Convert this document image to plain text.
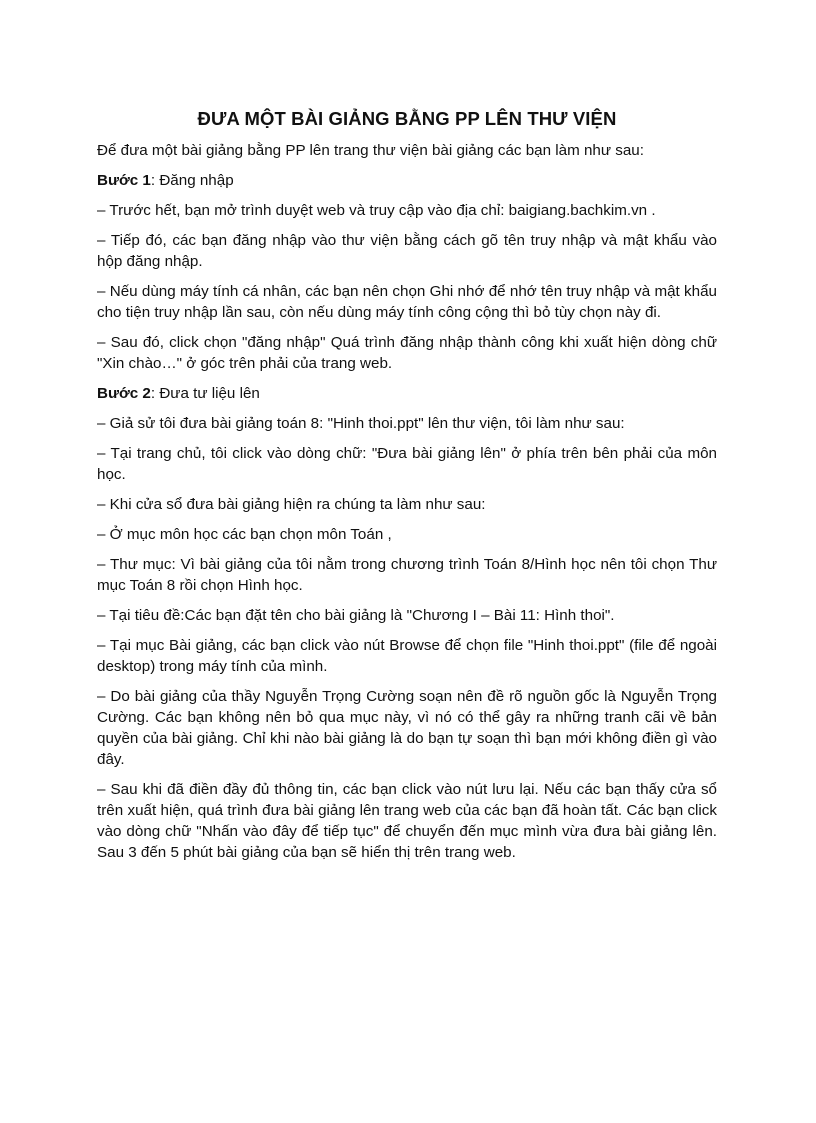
ĐƯA MỘT BÀI GIẢNG BẰNG PP LÊN THƯ VIỆN

Để đưa một bài giảng bằng PP lên trang thư viện bài giảng các bạn làm như sau:

Bước 1: Đăng nhập

– Trước hết, bạn mở trình duyệt web và truy cập vào địa chỉ: baigiang.bachkim.vn .

– Tiếp đó, các bạn đăng nhập vào thư viện bằng cách gõ tên truy nhập và mật khẩu vào hộp đăng nhập.

– Nếu dùng máy tính cá nhân, các bạn nên chọn Ghi nhớ để nhớ tên truy nhập và mật khẩu cho tiện truy nhập lần sau, còn nếu dùng máy tính công cộng thì bỏ tùy chọn này đi.

– Sau đó, click chọn "đăng nhập" Quá trình đăng nhập thành công khi xuất hiện dòng chữ "Xin chào…" ở góc trên phải của trang web.

Bước 2: Đưa tư liệu lên

– Giả sử tôi đưa bài giảng toán 8: "Hinh thoi.ppt" lên thư viện, tôi làm như sau:

– Tại trang chủ, tôi click vào dòng chữ: "Đưa bài giảng lên" ở phía trên bên phải của môn học.

– Khi cửa sổ đưa bài giảng hiện ra chúng ta làm như sau:

– Ở mục môn học các bạn chọn môn Toán ,

– Thư mục: Vì bài giảng của tôi nằm trong chương trình Toán 8/Hình học nên tôi chọn Thư mục Toán 8 rồi chọn Hình học.

– Tại tiêu đề:Các bạn đặt tên cho bài giảng là "Chương I – Bài 11: Hình thoi".

– Tại mục Bài giảng, các bạn click vào nút Browse để chọn file "Hinh thoi.ppt" (file để ngoài desktop) trong máy tính của mình.

– Do bài giảng của thầy Nguyễn Trọng Cường soạn nên đề rõ nguồn gốc là Nguyễn Trọng Cường. Các bạn không nên bỏ qua mục này, vì nó có thể gây ra những tranh cãi về bản quyền của bài giảng. Chỉ khi nào bài giảng là do bạn tự soạn thì bạn mới không điền gì vào đây.

– Sau khi đã điền đầy đủ thông tin, các bạn click vào nút lưu lại. Nếu các bạn thấy cửa sổ trên xuất hiện, quá trình đưa bài giảng lên trang web của các bạn đã hoàn tất. Các bạn click vào dòng chữ "Nhấn vào đây để tiếp tục" để chuyển đến mục mình vừa đưa bài giảng lên. Sau 3 đến 5 phút bài giảng của bạn sẽ hiển thị trên trang web.
